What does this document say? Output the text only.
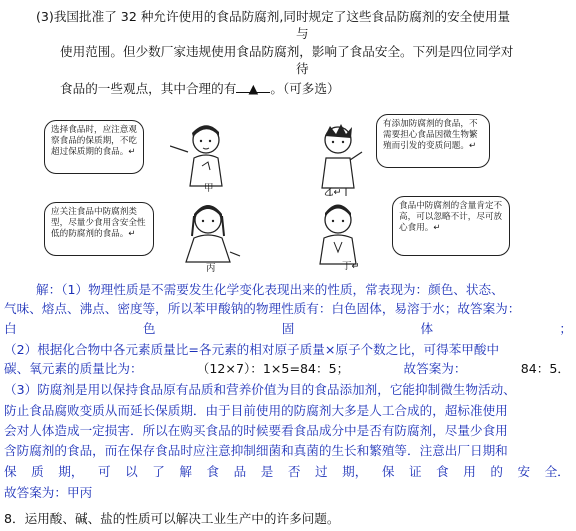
(3)我国批准了 32 种允许使用的食品防腐剂,同时规定了这些食品防腐剂的安全使用量
与
使用范围。但少数厂家违规使用食品防腐剂，影响了食品安全。下列是四位同学对
待
食品的一些观点，其中合理的有 ▲ 。（可多选）
选择食品时，应注意观察食品的保质期，不吃超过保质期的食品。↵
甲
有添加防腐剂的食品，不需要担心食品因微生物繁殖而引发的变质问题。↵
乙↵
应关注食品中防腐剂类型，尽量少食用含安全性低的防腐剂的食品。↵
丙
食品中防腐剂的含量肯定不高，可以忽略不计，尽可放心食用。↵
丁↵
解：（1）物理性质是不需要发生化学变化表现出来的性质，常表现为：颜色、状态、
气味、熔点、沸点、密度等，所以苯甲酸钠的物理性质有：白色固体，易溶于水；故答案为：
白	色	固	体	；
（2）根据化合物中各元素质量比=各元素的相对原子质量×原子个数之比，可得苯甲酸中
碳、氧元素的质量比为：	（12×7）：1×5=84：5；	故答案为：	84：5．
（3）防腐剂是用以保持食品原有品质和营养价值为目的食品添加剂，它能抑制微生物活动、
防止食品腐败变质从而延长保质期．由于目前使用的防腐剂大多是人工合成的，超标准使用
会对人体造成一定损害．所以在购买食品的时候要看食品成分中是否有防腐剂，尽量少食用
含防腐剂的食品，而在保存食品时应注意抑制细菌和真菌的生长和繁殖等．注意出厂日期和
保 质 期， 可 以 了 解 食 品 是 否 过 期， 保 证 食 用 的 安 全．
故答案为：甲丙
8．运用酸、碱、盐的性质可以解决工业生产中的许多问题。
